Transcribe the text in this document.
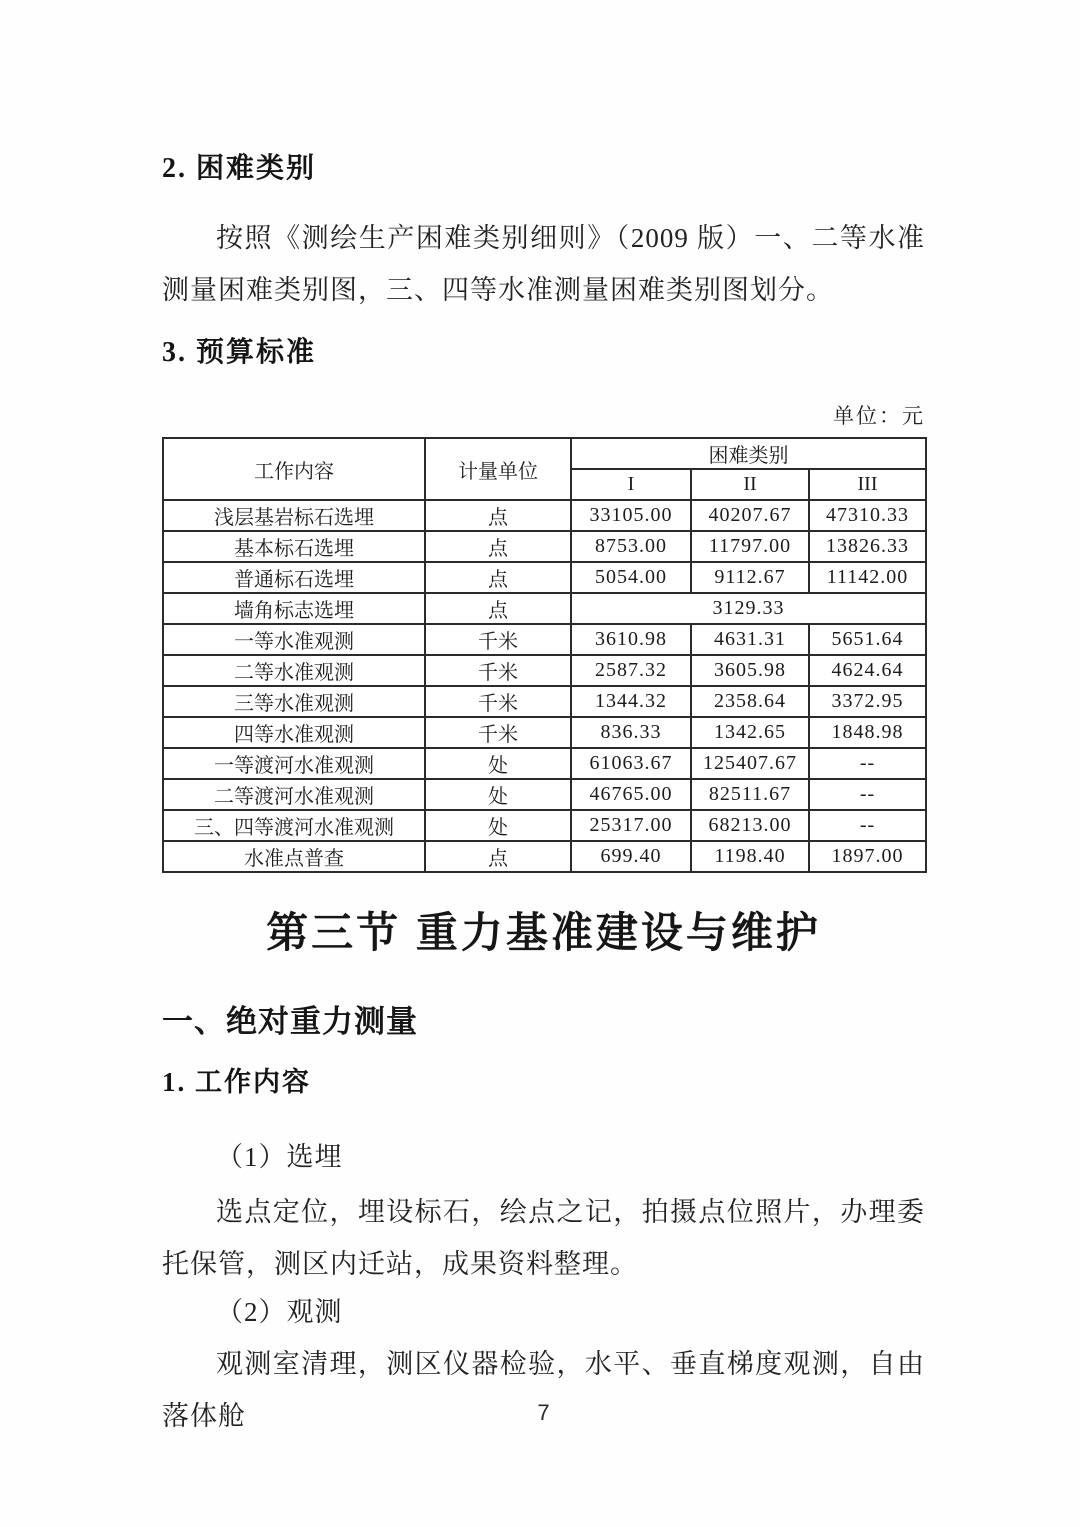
2. 困难类别
按照《测绘生产困难类别细则》（2009 版）一、二等水准测量困难类别图，三、四等水准测量困难类别图划分。
3. 预算标准
单位：元
工作内容	计量单位	困难类别		
		I	II	III
浅层基岩标石选埋	点	33105.00	40207.67	47310.33
基本标石选埋	点	8753.00	11797.00	13826.33
普通标石选埋	点	5054.00	9112.67	11142.00
墙角标志选埋	点	3129.33		
一等水准观测	千米	3610.98	4631.31	5651.64
二等水准观测	千米	2587.32	3605.98	4624.64
三等水准观测	千米	1344.32	2358.64	3372.95
四等水准观测	千米	836.33	1342.65	1848.98
一等渡河水准观测	处	61063.67	125407.67	--
二等渡河水准观测	处	46765.00	82511.67	--
三、四等渡河水准观测	处	25317.00	68213.00	--
水准点普查	点	699.40	1198.40	1897.00
第三节 重力基准建设与维护
一、绝对重力测量
1. 工作内容
（1）选埋
选点定位，埋设标石，绘点之记，拍摄点位照片，办理委托保管，测区内迁站，成果资料整理。
（2）观测
观测室清理，测区仪器检验，水平、垂直梯度观测，自由落体舱	7
